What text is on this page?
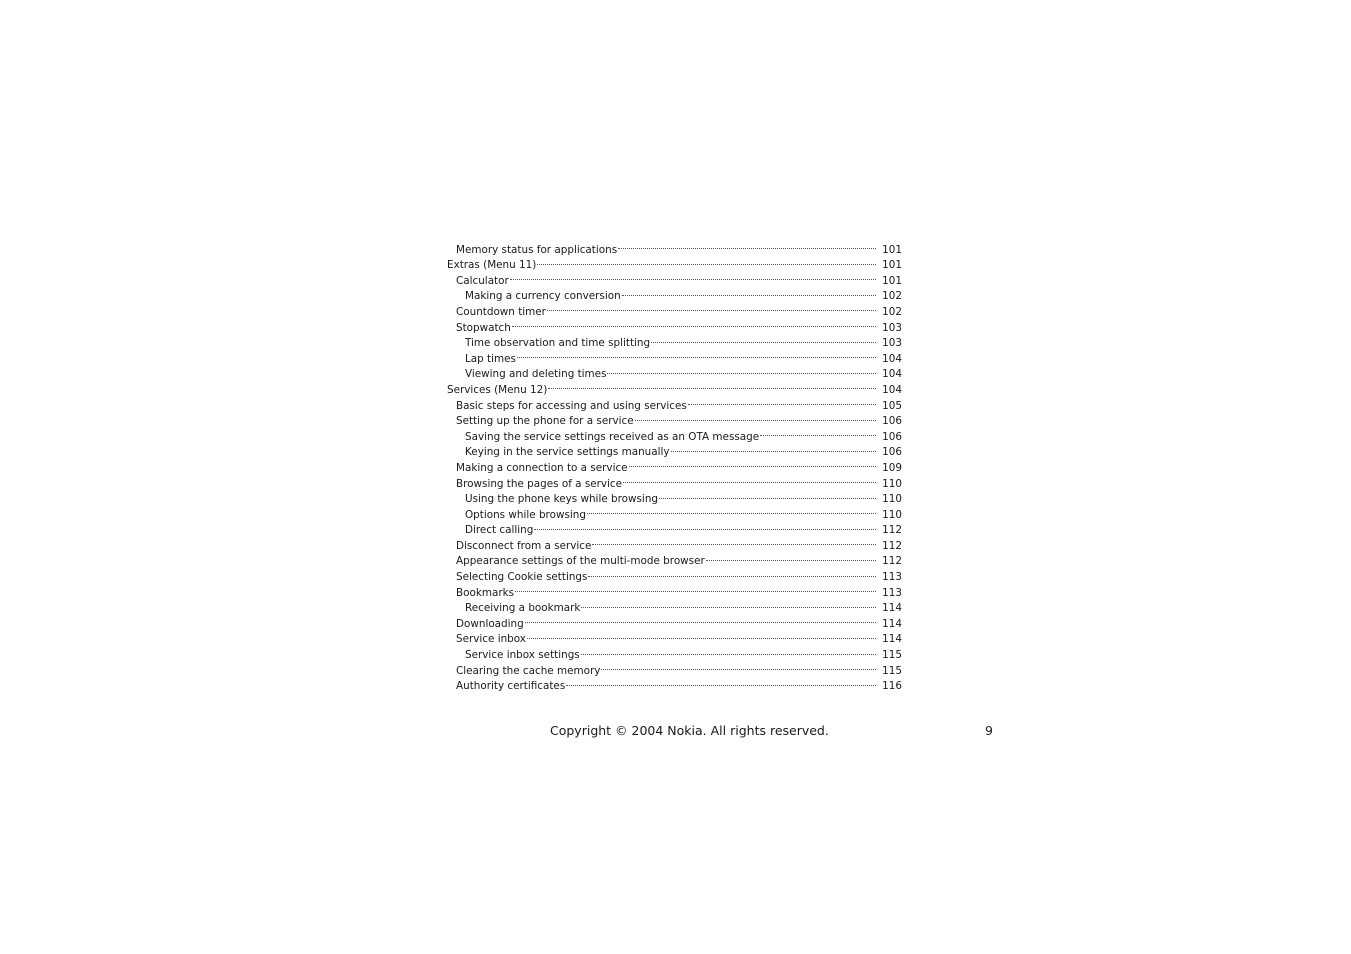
Memory status for applications	101
Extras (Menu 11)	101
Calculator	101
Making a currency conversion	102
Countdown timer	102
Stopwatch	103
Time observation and time splitting	103
Lap times	104
Viewing and deleting times	104
Services (Menu 12)	104
Basic steps for accessing and using services	105
Setting up the phone for a service	106
Saving the service settings received as an OTA message	106
Keying in the service settings manually	106
Making a connection to a service	109
Browsing the pages of a service	110
Using the phone keys while browsing	110
Options while browsing	110
Direct calling	112
Disconnect from a service	112
Appearance settings of the multi-mode browser	112
Selecting Cookie settings	113
Bookmarks	113
Receiving a bookmark	114
Downloading	114
Service inbox	114
Service inbox settings	115
Clearing the cache memory	115
Authority certificates	116
Copyright © 2004 Nokia. All rights reserved.	9
